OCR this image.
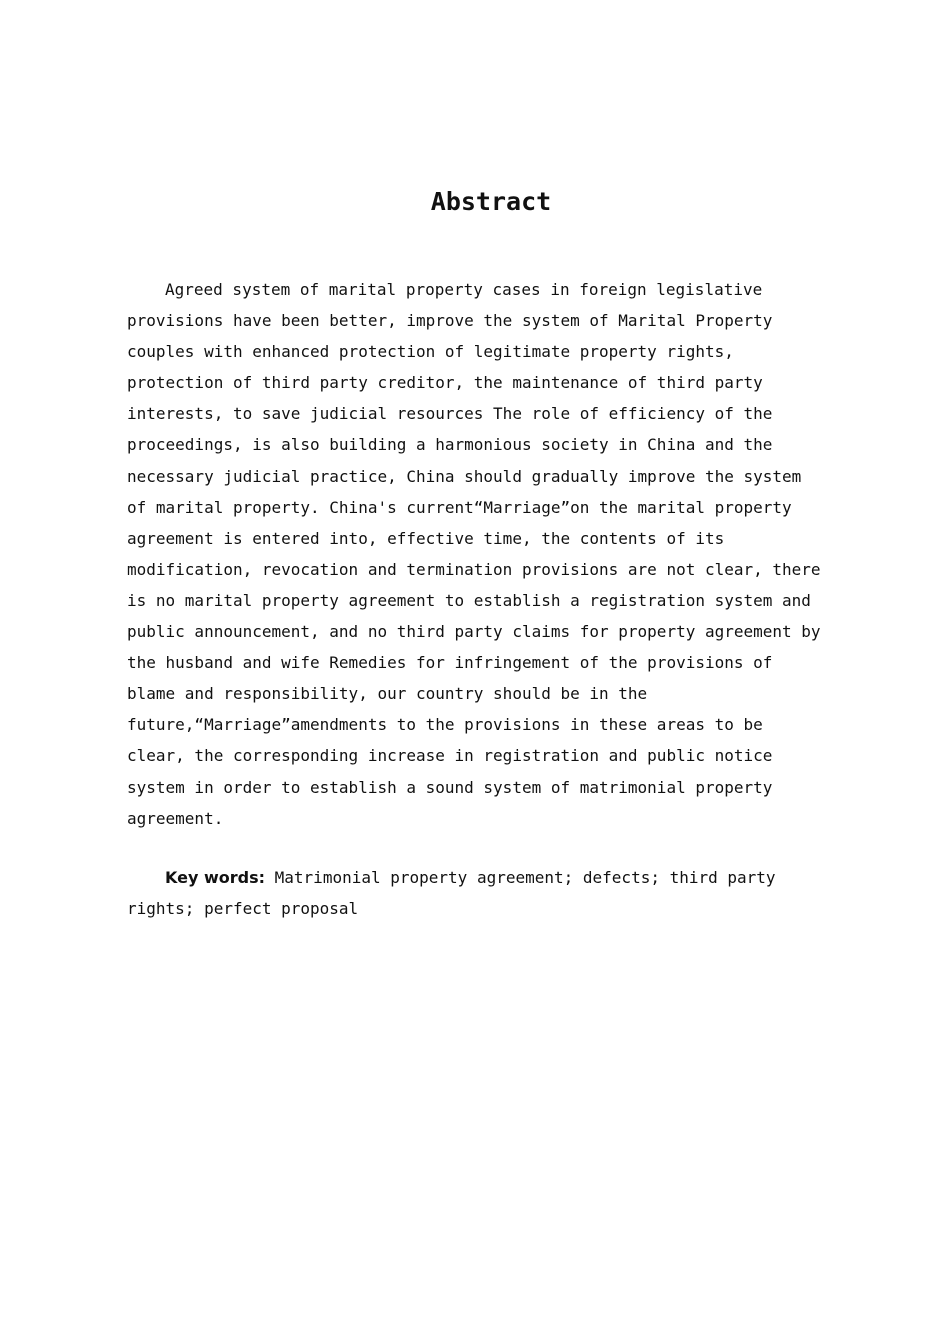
Abstract
Agreed system of marital property cases in foreign legislative
provisions have been better, improve the system of Marital Property
couples with enhanced protection of legitimate property rights,
protection of third party creditor, the maintenance of third party
interests, to save judicial resources The role of efficiency of the
proceedings, is also building a harmonious society in China and the
necessary judicial practice, China should gradually improve the system
of marital property. China's current“Marriage”on the marital property
agreement is entered into, effective time, the contents of its
modification, revocation and termination provisions are not clear, there
is no marital property agreement to establish a registration system and
public announcement, and no third party claims for property agreement by
the husband and wife Remedies for infringement of the provisions of
blame and responsibility, our country should be in the
future,“Marriage”amendments to the provisions in these areas to be
clear, the corresponding increase in registration and public notice
system in order to establish a sound system of matrimonial property
agreement.
Key words: Matrimonial property agreement; defects; third party
rights; perfect proposal
